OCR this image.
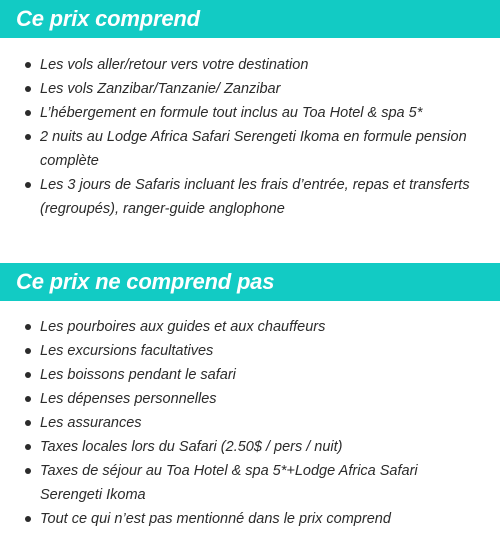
Ce prix comprend
Les vols aller/retour vers votre destination
Les vols Zanzibar/Tanzanie/ Zanzibar
L’hébergement en formule tout inclus au Toa Hotel & spa 5*
2 nuits au Lodge Africa Safari Serengeti Ikoma en formule pension complète
Les 3 jours de Safaris incluant les frais d’entrée, repas et transferts (regroupés), ranger-guide anglophone
Ce prix ne comprend pas
Les pourboires aux guides et aux chauffeurs
Les excursions facultatives
Les boissons pendant le safari
Les dépenses personnelles
Les assurances
Taxes locales lors du Safari (2.50$ / pers / nuit)
Taxes de séjour au Toa Hotel & spa 5*+Lodge Africa Safari Serengeti Ikoma
Tout ce qui n’est pas mentionné dans le prix comprend
